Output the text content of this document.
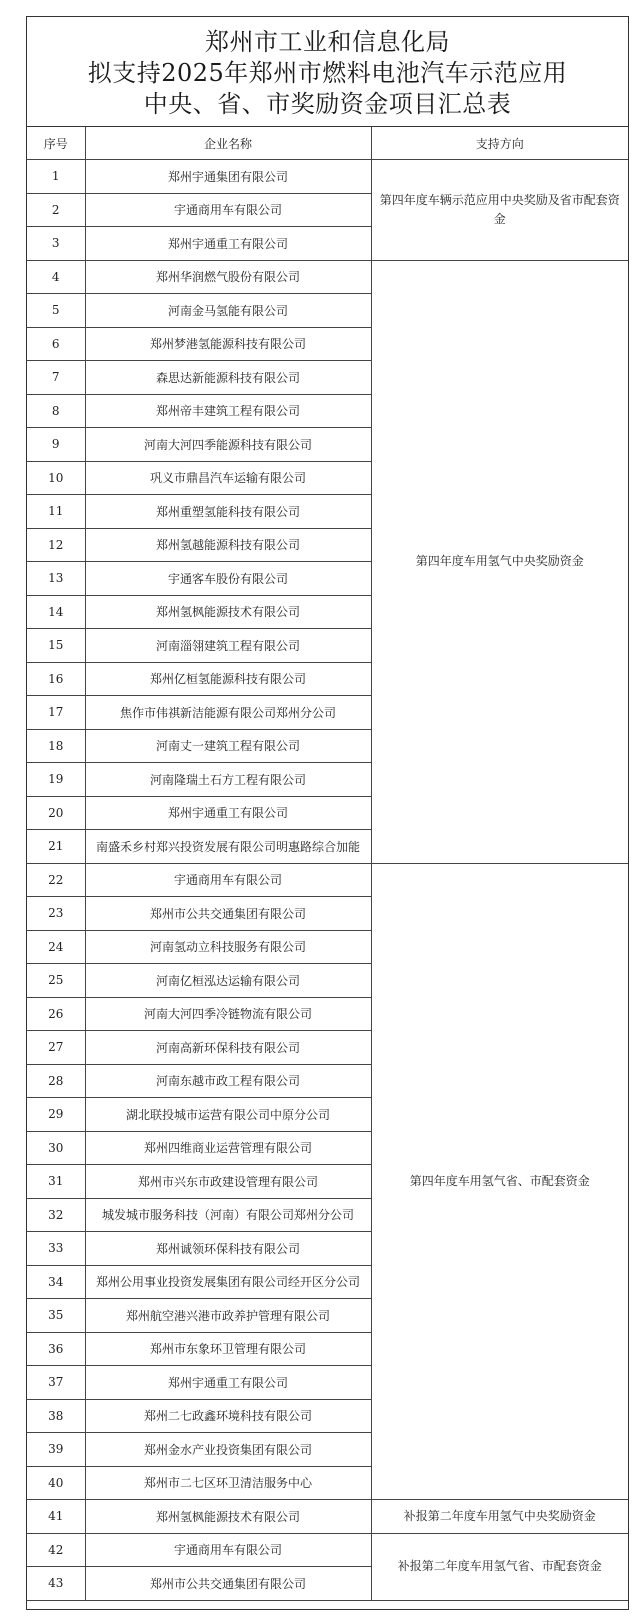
郑州市工业和信息化局
拟支持2025年郑州市燃料电池汽车示范应用
中央、省、市奖励资金项目汇总表
序号	企业名称	支持方向
1	郑州宇通集团有限公司	第四年度车辆示范应用中央奖励及省市配套资金
2	宇通商用车有限公司	
3	郑州宇通重工有限公司	
4	郑州华润燃气股份有限公司	第四年度车用氢气中央奖励资金
5	河南金马氢能有限公司	
6	郑州梦港氢能源科技有限公司	
7	森思达新能源科技有限公司	
8	郑州帝丰建筑工程有限公司	
9	河南大河四季能源科技有限公司	
10	巩义市鼎昌汽车运输有限公司	
11	郑州重塑氢能科技有限公司	
12	郑州氢越能源科技有限公司	
13	宇通客车股份有限公司	
14	郑州氢枫能源技术有限公司	
15	河南淄翎建筑工程有限公司	
16	郑州亿桓氢能源科技有限公司	
17	焦作市伟祺新洁能源有限公司郑州分公司	
18	河南丈一建筑工程有限公司	
19	河南隆瑞土石方工程有限公司	
20	郑州宇通重工有限公司	
21	南盛禾乡村郑兴投资发展有限公司明惠路综合加能	
22	宇通商用车有限公司	第四年度车用氢气省、市配套资金
23	郑州市公共交通集团有限公司	
24	河南氢动立科技服务有限公司	
25	河南亿桓泓达运输有限公司	
26	河南大河四季冷链物流有限公司	
27	河南高新环保科技有限公司	
28	河南东越市政工程有限公司	
29	湖北联投城市运营有限公司中原分公司	
30	郑州四维商业运营管理有限公司	
31	郑州市兴东市政建设管理有限公司	
32	城发城市服务科技（河南）有限公司郑州分公司	
33	郑州诚领环保科技有限公司	
34	郑州公用事业投资发展集团有限公司经开区分公司	
35	郑州航空港兴港市政养护管理有限公司	
36	郑州市东象环卫管理有限公司	
37	郑州宇通重工有限公司	
38	郑州二七政鑫环境科技有限公司	
39	郑州金水产业投资集团有限公司	
40	郑州市二七区环卫清洁服务中心	
41	郑州氢枫能源技术有限公司	补报第二年度车用氢气中央奖励资金
42	宇通商用车有限公司	补报第二年度车用氢气省、市配套资金
43	郑州市公共交通集团有限公司	
